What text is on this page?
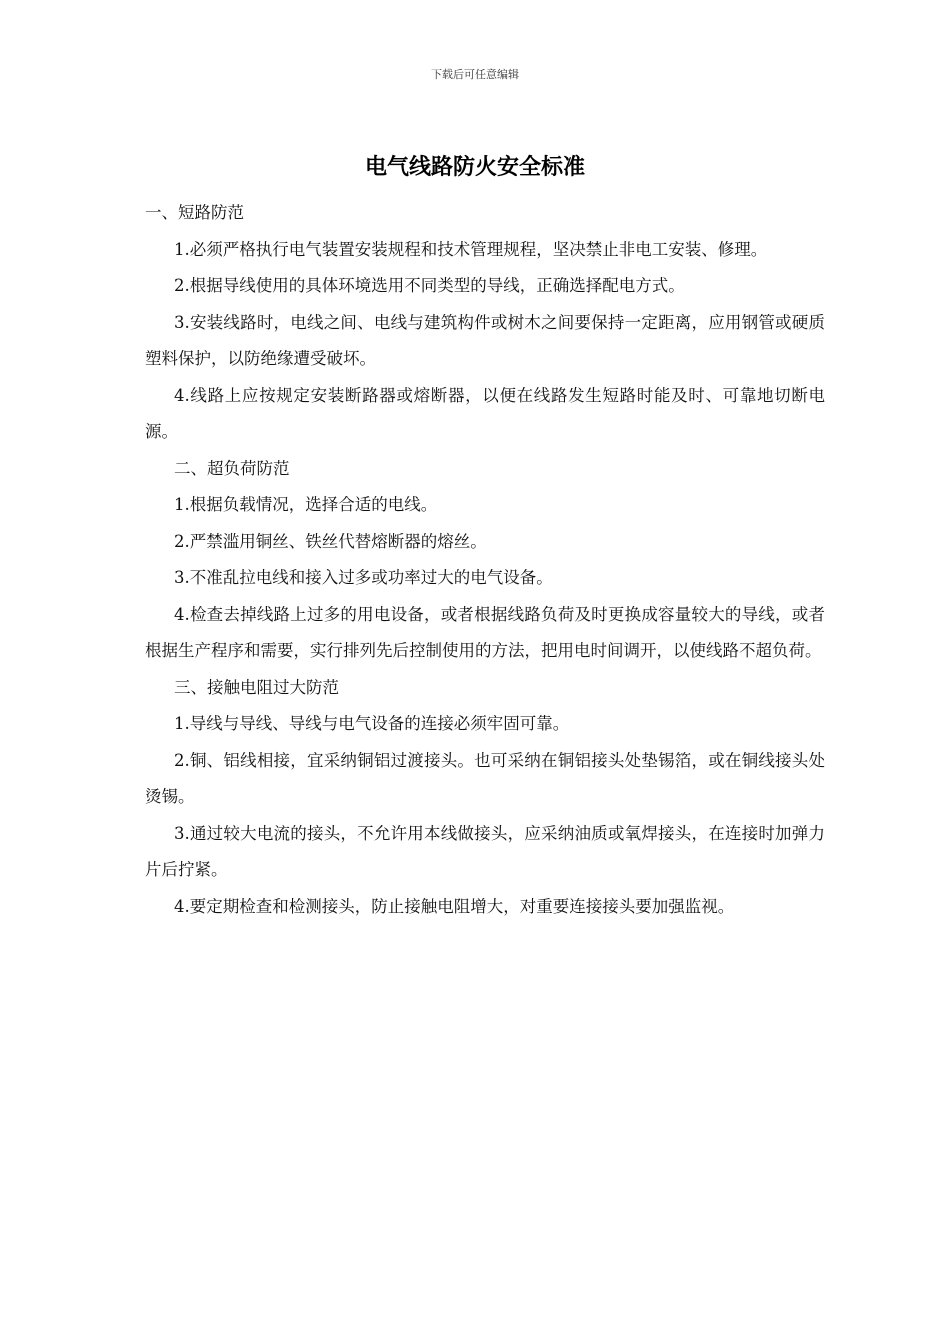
下载后可任意编辑
电气线路防火安全标准

一、短路防范

1.必须严格执行电气装置安装规程和技术管理规程，坚决禁止非电工安装、修理。

2.根据导线使用的具体环境选用不同类型的导线，正确选择配电方式。

3.安装线路时，电线之间、电线与建筑构件或树木之间要保持一定距离，应用钢管或硬质塑料保护，以防绝缘遭受破坏。

4.线路上应按规定安装断路器或熔断器，以便在线路发生短路时能及时、可靠地切断电源。

二、超负荷防范

1.根据负载情况，选择合适的电线。

2.严禁滥用铜丝、铁丝代替熔断器的熔丝。

3.不准乱拉电线和接入过多或功率过大的电气设备。

4.检查去掉线路上过多的用电设备，或者根据线路负荷及时更换成容量较大的导线，或者根据生产程序和需要，实行排列先后控制使用的方法，把用电时间调开，以使线路不超负荷。

三、接触电阻过大防范

1.导线与导线、导线与电气设备的连接必须牢固可靠。

2.铜、铝线相接，宜采纳铜铝过渡接头。也可采纳在铜铝接头处垫锡箔，或在铜线接头处烫锡。

3.通过较大电流的接头，不允许用本线做接头，应采纳油质或氧焊接头，在连接时加弹力片后拧紧。

4.要定期检查和检测接头，防止接触电阻增大，对重要连接接头要加强监视。
